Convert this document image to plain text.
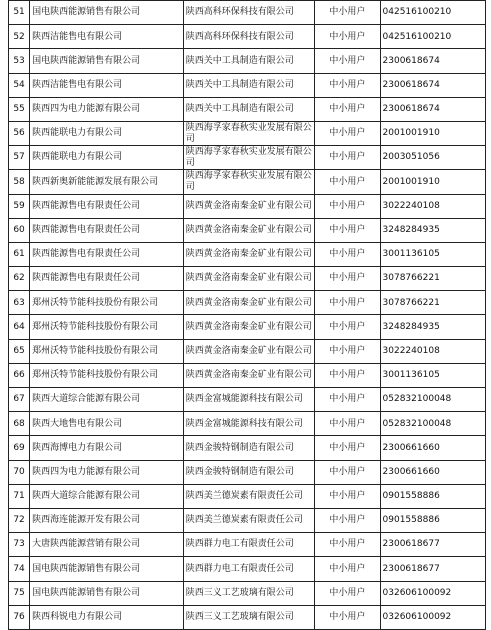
51	国电陕西能源销售有限公司	陕西高科环保科技有限公司	中小用户	042516100210
52	陕西洁能售电有限公司	陕西高科环保科技有限公司	中小用户	042516100210
53	国电陕西能源销售有限公司	陕西关中工具制造有限公司	中小用户	2300618674
54	陕西洁能售电有限公司	陕西关中工具制造有限公司	中小用户	2300618674
55	陕西四为电力能源有限公司	陕西关中工具制造有限公司	中小用户	2300618674
56	陕西能联电力有限公司	陕西海孚家春秋实业发展有限公司	中小用户	2001001910
57	陕西能联电力有限公司	陕西海孚家春秋实业发展有限公司	中小用户	2003051056
58	陕西新奥新能能源发展有限公司	陕西海孚家春秋实业发展有限公司	中小用户	2001001910
59	陕西能源售电有限责任公司	陕西黄金洛南秦金矿业有限公司	中小用户	3022240108
60	陕西能源售电有限责任公司	陕西黄金洛南秦金矿业有限公司	中小用户	3248284935
61	陕西能源售电有限责任公司	陕西黄金洛南秦金矿业有限公司	中小用户	3001136105
62	陕西能源售电有限责任公司	陕西黄金洛南秦金矿业有限公司	中小用户	3078766221
63	郑州沃特节能科技股份有限公司	陕西黄金洛南秦金矿业有限公司	中小用户	3078766221
64	郑州沃特节能科技股份有限公司	陕西黄金洛南秦金矿业有限公司	中小用户	3248284935
65	郑州沃特节能科技股份有限公司	陕西黄金洛南秦金矿业有限公司	中小用户	3022240108
66	郑州沃特节能科技股份有限公司	陕西黄金洛南秦金矿业有限公司	中小用户	3001136105
67	陕西大道综合能源有限公司	陕西金富城能源科技有限公司	中小用户	052832100048
68	陕西大地售电有限公司	陕西金富城能源科技有限公司	中小用户	052832100048
69	陕西海博电力有限公司	陕西金骏特钢制造有限公司	中小用户	2300661660
70	陕西四为电力能源有限公司	陕西金骏特钢制造有限公司	中小用户	2300661660
71	陕西大道综合能源有限公司	陕西美兰德炭素有限责任公司	中小用户	0901558886
72	陕西海连能源开发有限公司	陕西美兰德炭素有限责任公司	中小用户	0901558886
73	大唐陕西能源营销有限公司	陕西群力电工有限责任公司	中小用户	2300618677
74	国电陕西能源销售有限公司	陕西群力电工有限责任公司	中小用户	2300618677
75	国电陕西能源销售有限公司	陕西三义工艺玻璃有限公司	中小用户	032606100092
76	陕西科锐电力有限公司	陕西三义工艺玻璃有限公司	中小用户	032606100092
